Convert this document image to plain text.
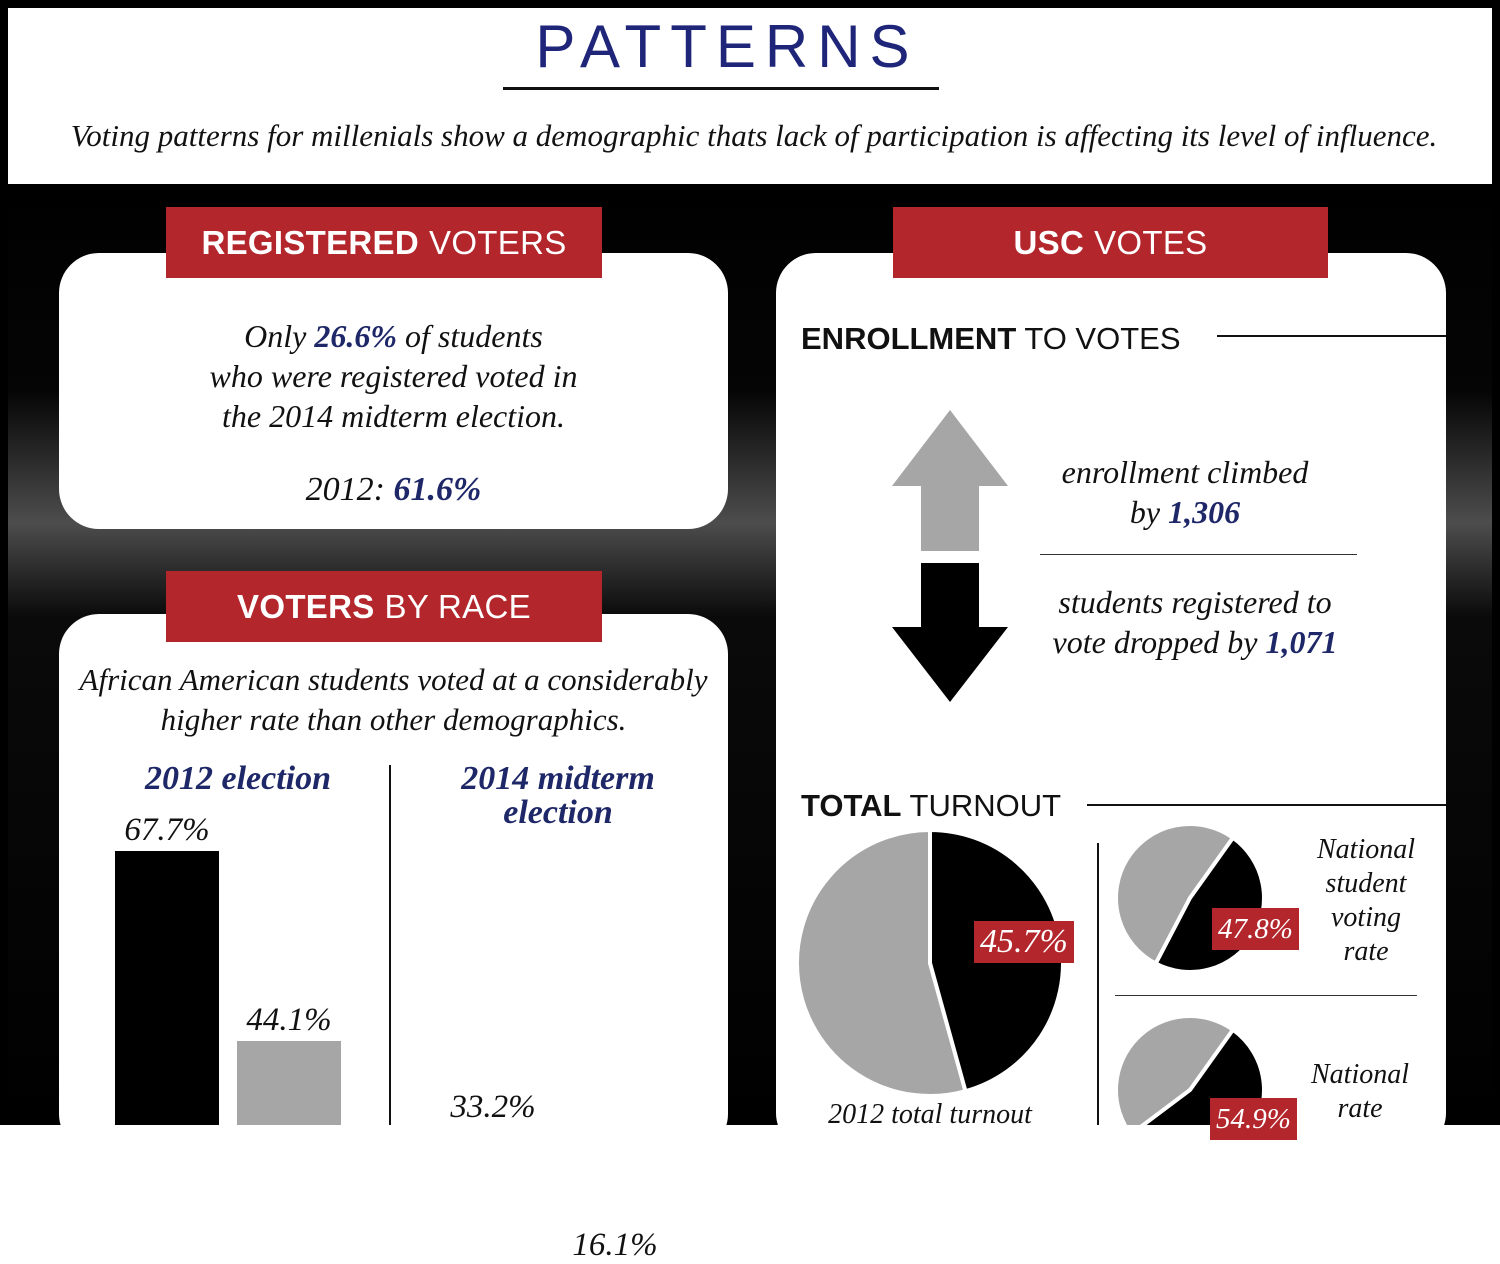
PATTERNS
Voting patterns for millenials show a demographic thats lack of participation is affecting its level of influence.
REGISTERED VOTERS
Only 26.6% of students
who were registered voted in
the 2014 midterm election.
2012: 61.6%
VOTERS BY RACE
African American students voted at a considerably
higher rate than other demographics.
2012 election	2014 midterm election
67.7%
44.1%
33.2%
16.1%
USC VOTES
ENROLLMENT TO VOTES
enrollment climbed
by 1,306
students registered to
vote dropped by 1,071
TOTAL TURNOUT
2012 total turnout
National
student
voting
rate
National
rate
45.7%	47.8%
54.9%
